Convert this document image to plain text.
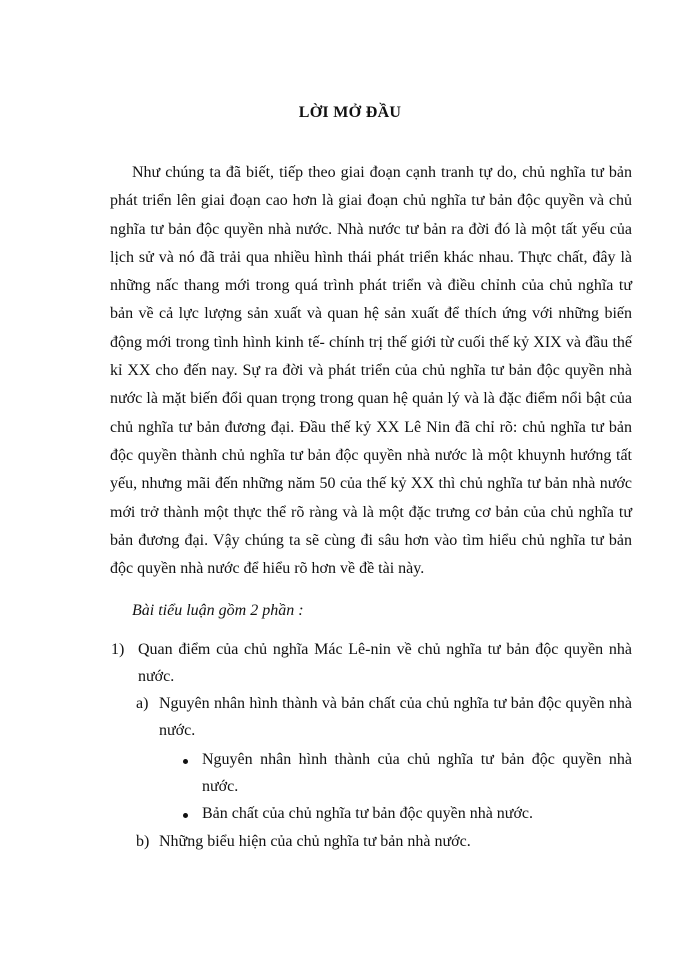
LỜI MỞ ĐẦU

Như chúng ta đã biết, tiếp theo giai đoạn cạnh tranh tự do, chủ nghĩa tư bản phát triển lên giai đoạn cao hơn là giai đoạn chủ nghĩa tư bản độc quyền và chủ nghĩa tư bản độc quyền nhà nước. Nhà nước tư bản ra đời đó là một tất yếu của lịch sử và nó đã trải qua nhiều hình thái phát triển khác nhau. Thực chất, đây là những nấc thang mới trong quá trình phát triển và điều chỉnh của chủ nghĩa tư bản về cả lực lượng sản xuất và quan hệ sản xuất để thích ứng với những biến động mới trong tình hình kinh tế- chính trị thế giới từ cuối thế kỷ XIX và đầu thế kỉ XX cho đến nay. Sự ra đời và phát triển của chủ nghĩa tư bản độc quyền nhà nước là mặt biến đổi quan trọng trong quan hệ quản lý và là đặc điểm nổi bật của chủ nghĩa tư bản đương đại. Đầu thế kỷ XX Lê Nin đã chỉ rõ: chủ nghĩa tư bản độc quyền thành chủ nghĩa tư bản độc quyền nhà nước là một khuynh hướng tất yếu, nhưng mãi đến những năm 50 của thế kỷ XX thì chủ nghĩa tư bản nhà nước mới trở thành một thực thể rõ ràng và là một đặc trưng cơ bản của chủ nghĩa tư bản đương đại. Vậy chúng ta sẽ cùng đi sâu hơn vào tìm hiểu chủ nghĩa tư bản độc quyền nhà nước để hiểu rõ hơn về đề tài này.

Bài tiểu luận gồm 2 phần :

1) Quan điểm của chủ nghĩa Mác Lê-nin về chủ nghĩa tư bản độc quyền nhà nước.
a) Nguyên nhân hình thành và bản chất của chủ nghĩa tư bản độc quyền nhà nước.
Nguyên nhân hình thành của chủ nghĩa tư bản độc quyền nhà nước.
Bản chất của chủ nghĩa tư bản độc quyền nhà nước.
b) Những biểu hiện của chủ nghĩa tư bản nhà nước.
